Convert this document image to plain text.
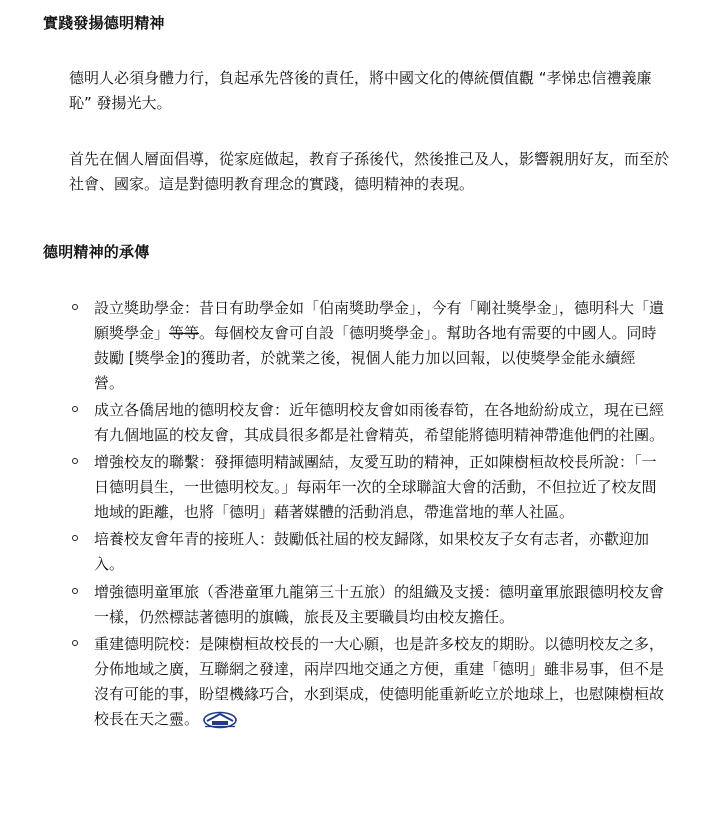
實踐發揚德明精神

德明人必須身體力行，負起承先啓後的責任，將中國文化的傳統價值觀 “孝悌忠信禮義廉恥” 發揚光大。

首先在個人層面倡導，從家庭做起，教育子孫後代，然後推己及人，影響親朋好友，而至於社會、國家。這是對德明教育理念的實踐，德明精神的表現。

德明精神的承傳
設立獎助學金：昔日有助學金如「伯南獎助學金」，今有「剛社獎學金」，德明科大「遺願獎學金」等等。每個校友會可自設「德明獎學金」。幫助各地有需要的中國人。同時鼓勵 [獎學金]的獲助者，於就業之後，視個人能力加以回報，以使獎學金能永續經營。
成立各僑居地的德明校友會：近年德明校友會如雨後春筍，在各地紛紛成立，現在已經有九個地區的校友會，其成員很多都是社會精英，希望能將德明精神帶進他們的社團。
增強校友的聯繫：發揮德明精誠團結，友愛互助的精神，正如陳樹桓故校長所說：「一日德明員生，一世德明校友。」每兩年一次的全球聯誼大會的活動，不但拉近了校友間地域的距離，也將「德明」藉著媒體的活動消息，帶進當地的華人社區。
培養校友會年青的接班人：鼓勵低社屆的校友歸隊，如果校友子女有志者，亦歡迎加入。
增強德明童軍旅（香港童軍九龍第三十五旅）的組織及支援：德明童軍旅跟德明校友會一樣，仍然標誌著德明的旗幟，旅長及主要職員均由校友擔任。
重建德明院校：是陳樹桓故校長的一大心願，也是許多校友的期盼。以德明校友之多，分佈地域之廣，互聯網之發達，兩岸四地交通之方便，重建「德明」雖非易事，但不是沒有可能的事，盼望機緣巧合，水到渠成，使德明能重新屹立於地球上，也慰陳樹桓故校長在天之靈。
